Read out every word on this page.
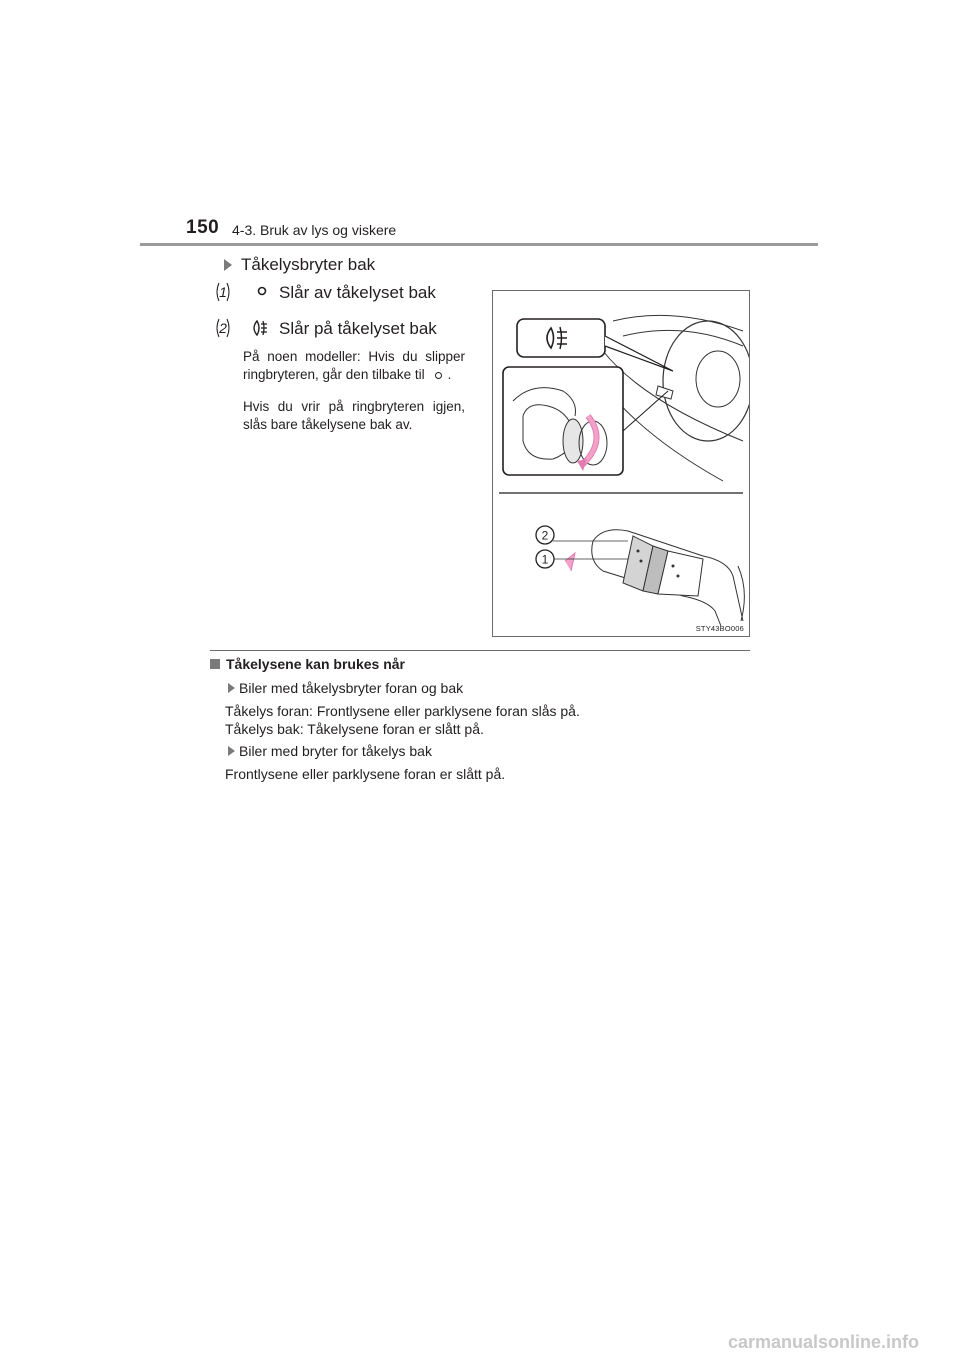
150 4-3. Bruk av lys og viskere
Tåkelysbryter bak
1	Slår av tåkelyset bak
2	Slår på tåkelyset bak
På noen modeller: Hvis du slipper ringbryteren, går den tilbake til .
Hvis du vrir på ringbryteren igjen, slås bare tåkelysene bak av.
2
1
STY43BO006
Tåkelysene kan brukes når
Biler med tåkelysbryter foran og bak
Tåkelys foran: Frontlysene eller parklysene foran slås på.
Tåkelys bak: Tåkelysene foran er slått på.
Biler med bryter for tåkelys bak
Frontlysene eller parklysene foran er slått på.
carmanualsonline.info
